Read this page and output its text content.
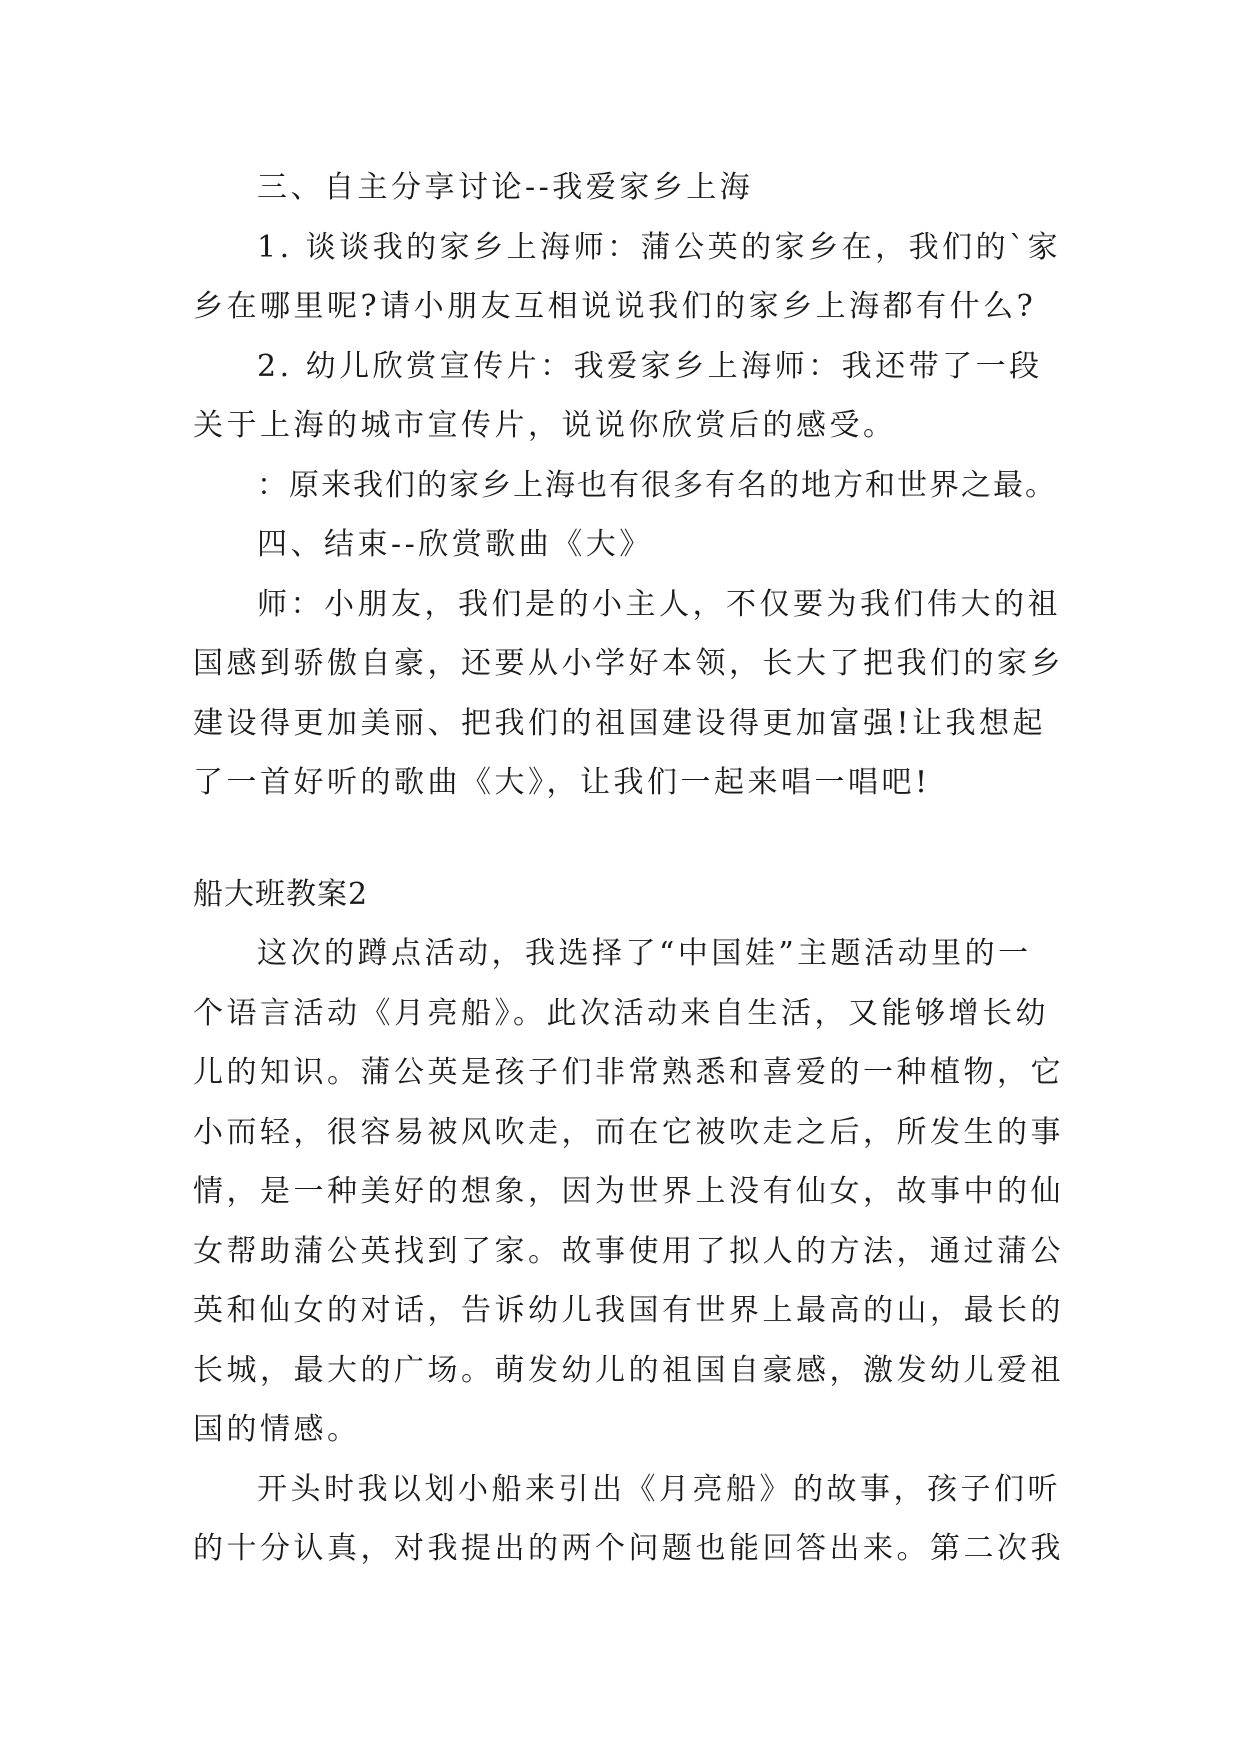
三、自主分享讨论--我爱家乡上海
1. 谈谈我的家乡上海师：蒲公英的家乡在，我们的`家
乡在哪里呢?请小朋友互相说说我们的家乡上海都有什么?
2. 幼儿欣赏宣传片：我爱家乡上海师：我还带了一段
关于上海的城市宣传片，说说你欣赏后的感受。
：原来我们的家乡上海也有很多有名的地方和世界之最。
四、结束--欣赏歌曲《大》
师：小朋友，我们是的小主人，不仅要为我们伟大的祖
国感到骄傲自豪，还要从小学好本领，长大了把我们的家乡
建设得更加美丽、把我们的祖国建设得更加富强!让我想起
了一首好听的歌曲《大》，让我们一起来唱一唱吧!
船大班教案2
这次的蹲点活动，我选择了“中国娃”主题活动里的一
个语言活动《月亮船》。此次活动来自生活，又能够增长幼
儿的知识。蒲公英是孩子们非常熟悉和喜爱的一种植物，它
小而轻，很容易被风吹走，而在它被吹走之后，所发生的事
情，是一种美好的想象，因为世界上没有仙女，故事中的仙
女帮助蒲公英找到了家。故事使用了拟人的方法，通过蒲公
英和仙女的对话，告诉幼儿我国有世界上最高的山，最长的
长城，最大的广场。萌发幼儿的祖国自豪感，激发幼儿爱祖
国的情感。
开头时我以划小船来引出《月亮船》的故事，孩子们听
的十分认真，对我提出的两个问题也能回答出来。第二次我
